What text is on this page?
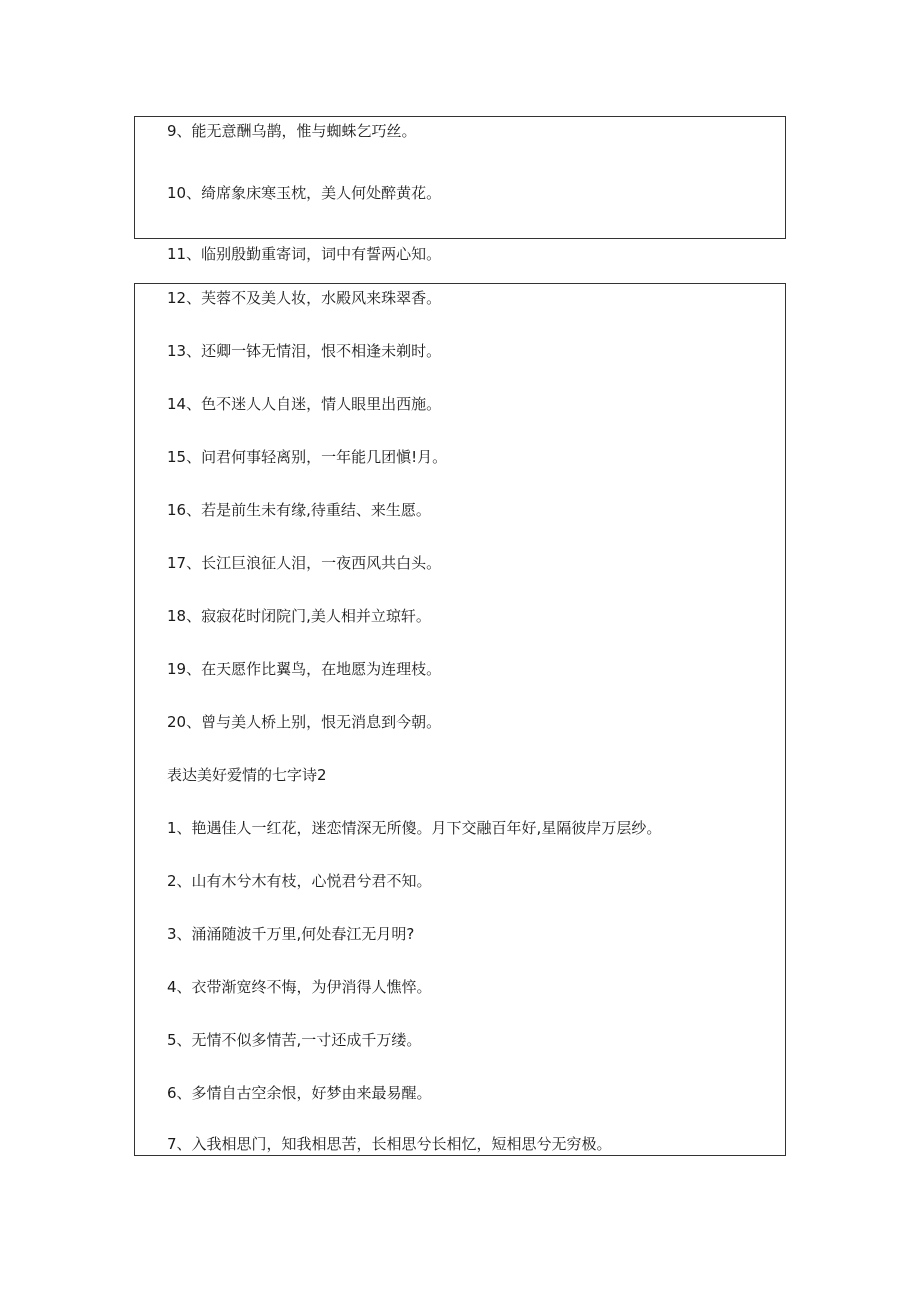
9、能无意酬乌鹊，惟与蜘蛛乞巧丝。

10、绮席象床寒玉枕，美人何处醉黄花。

11、临别殷勤重寄词，词中有誓两心知。

12、芙蓉不及美人妆，水殿风来珠翠香。

13、还卿一钵无情泪，恨不相逢未剃时。

14、色不迷人人自迷，情人眼里出西施。

15、问君何事轻离别，一年能几团愼!月。

16、若是前生未有缘,待重结、来生愿。

17、长江巨浪征人泪，一夜西风共白头。

18、寂寂花时闭院门,美人相并立琼轩。

19、在天愿作比翼鸟，在地愿为连理枝。

20、曾与美人桥上别，恨无消息到今朝。

表达美好爱情的七字诗2

1、艳遇佳人一红花，迷恋情深无所傻。月下交融百年好,星隔彼岸万层纱。

2、山有木兮木有枝，心悦君兮君不知。

3、涌涌随波千万里,何处春江无月明?

4、衣带渐宽终不悔，为伊消得人憔悴。

5、无情不似多情苦,一寸还成千万缕。

6、多情自古空余恨，好梦由来最易醒。

7、入我相思门，知我相思苦，长相思兮长相忆，短相思兮无穷极。
